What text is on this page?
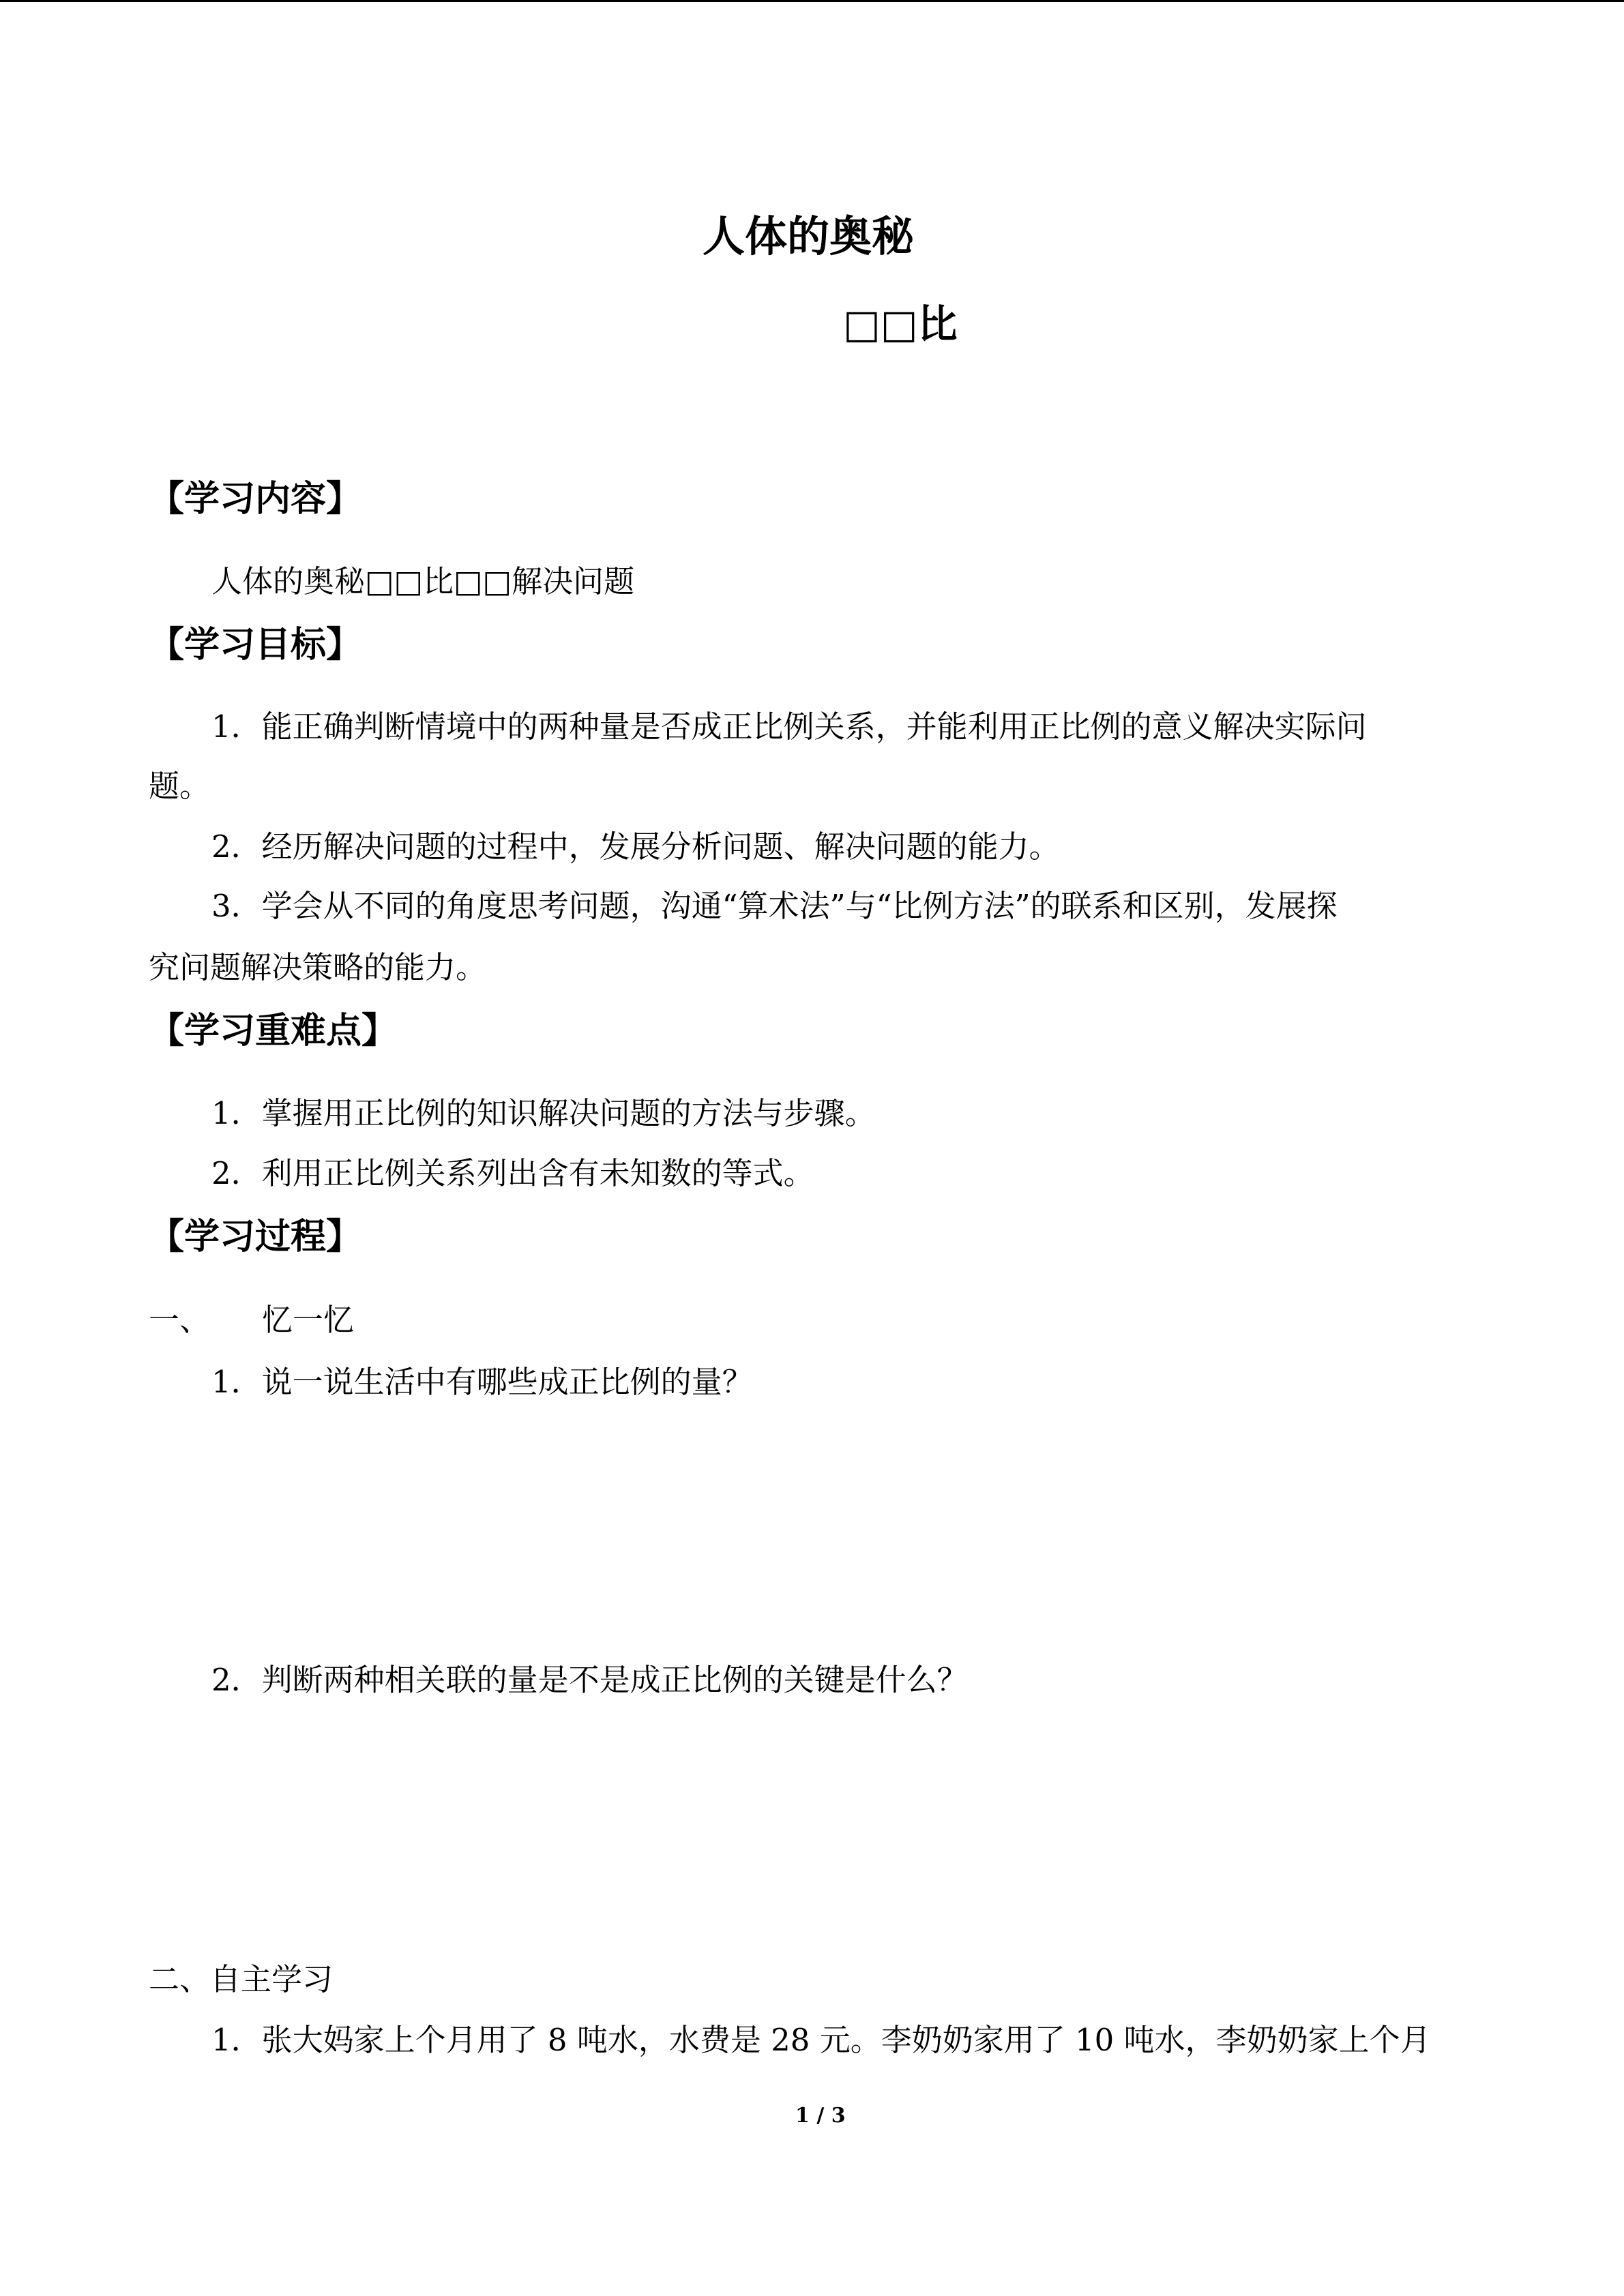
人体的奥秘
□□比
【学习内容】
人体的奥秘□□比□□解决问题
【学习目标】
1．能正确判断情境中的两种量是否成正比例关系，并能利用正比例的意义解决实际问
题。
2．经历解决问题的过程中，发展分析问题、解决问题的能力。
3．学会从不同的角度思考问题，沟通“算术法”与“比例方法”的联系和区别，发展探
究问题解决策略的能力。
【学习重难点】
1．掌握用正比例的知识解决问题的方法与步骤。
2．利用正比例关系列出含有未知数的等式。
【学习过程】
一、 忆一忆
1．说一说生活中有哪些成正比例的量？
2．判断两种相关联的量是不是成正比例的关键是什么？
二、自主学习
1．张大妈家上个月用了 8 吨水，水费是 28 元。李奶奶家用了 10 吨水，李奶奶家上个月
1 / 3
